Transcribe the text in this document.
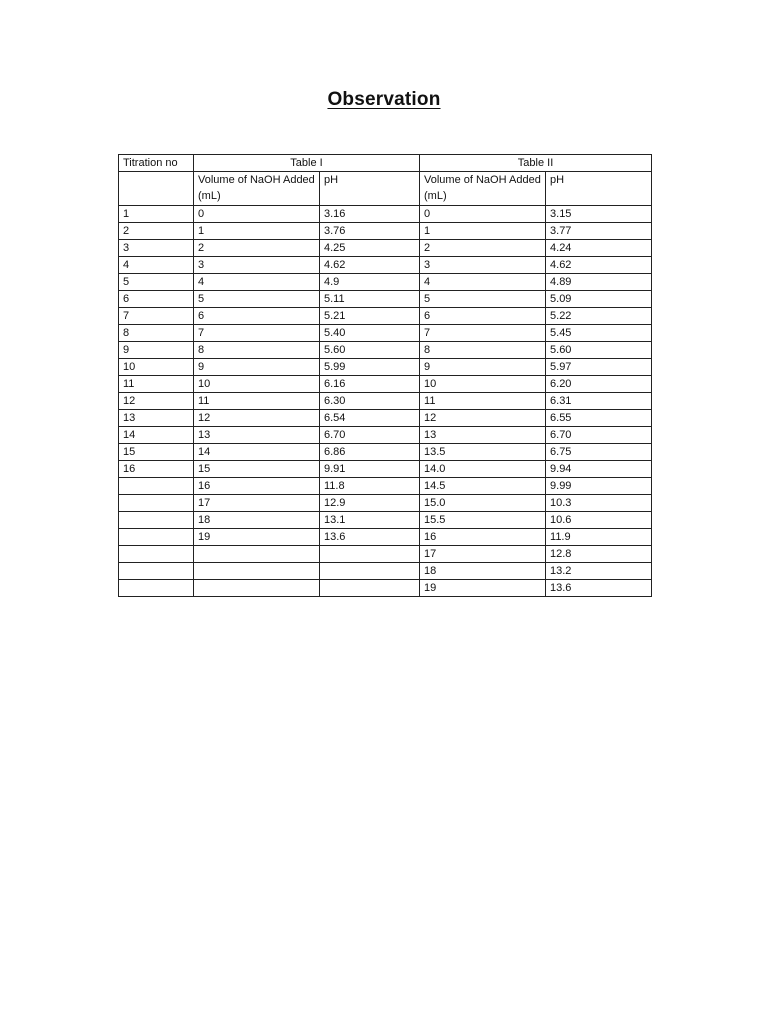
Observation
Titration no	Table I		Table II	
	Volume of NaOH Added (mL)	pH	Volume of NaOH Added (mL)	pH
1	0	3.16	0	3.15
2	1	3.76	1	3.77
3	2	4.25	2	4.24
4	3	4.62	3	4.62
5	4	4.9	4	4.89
6	5	5.11	5	5.09
7	6	5.21	6	5.22
8	7	5.40	7	5.45
9	8	5.60	8	5.60
10	9	5.99	9	5.97
11	10	6.16	10	6.20
12	11	6.30	11	6.31
13	12	6.54	12	6.55
14	13	6.70	13	6.70
15	14	6.86	13.5	6.75
16	15	9.91	14.0	9.94
	16	11.8	14.5	9.99
	17	12.9	15.0	10.3
	18	13.1	15.5	10.6
	19	13.6	16	11.9
			17	12.8
			18	13.2
			19	13.6
